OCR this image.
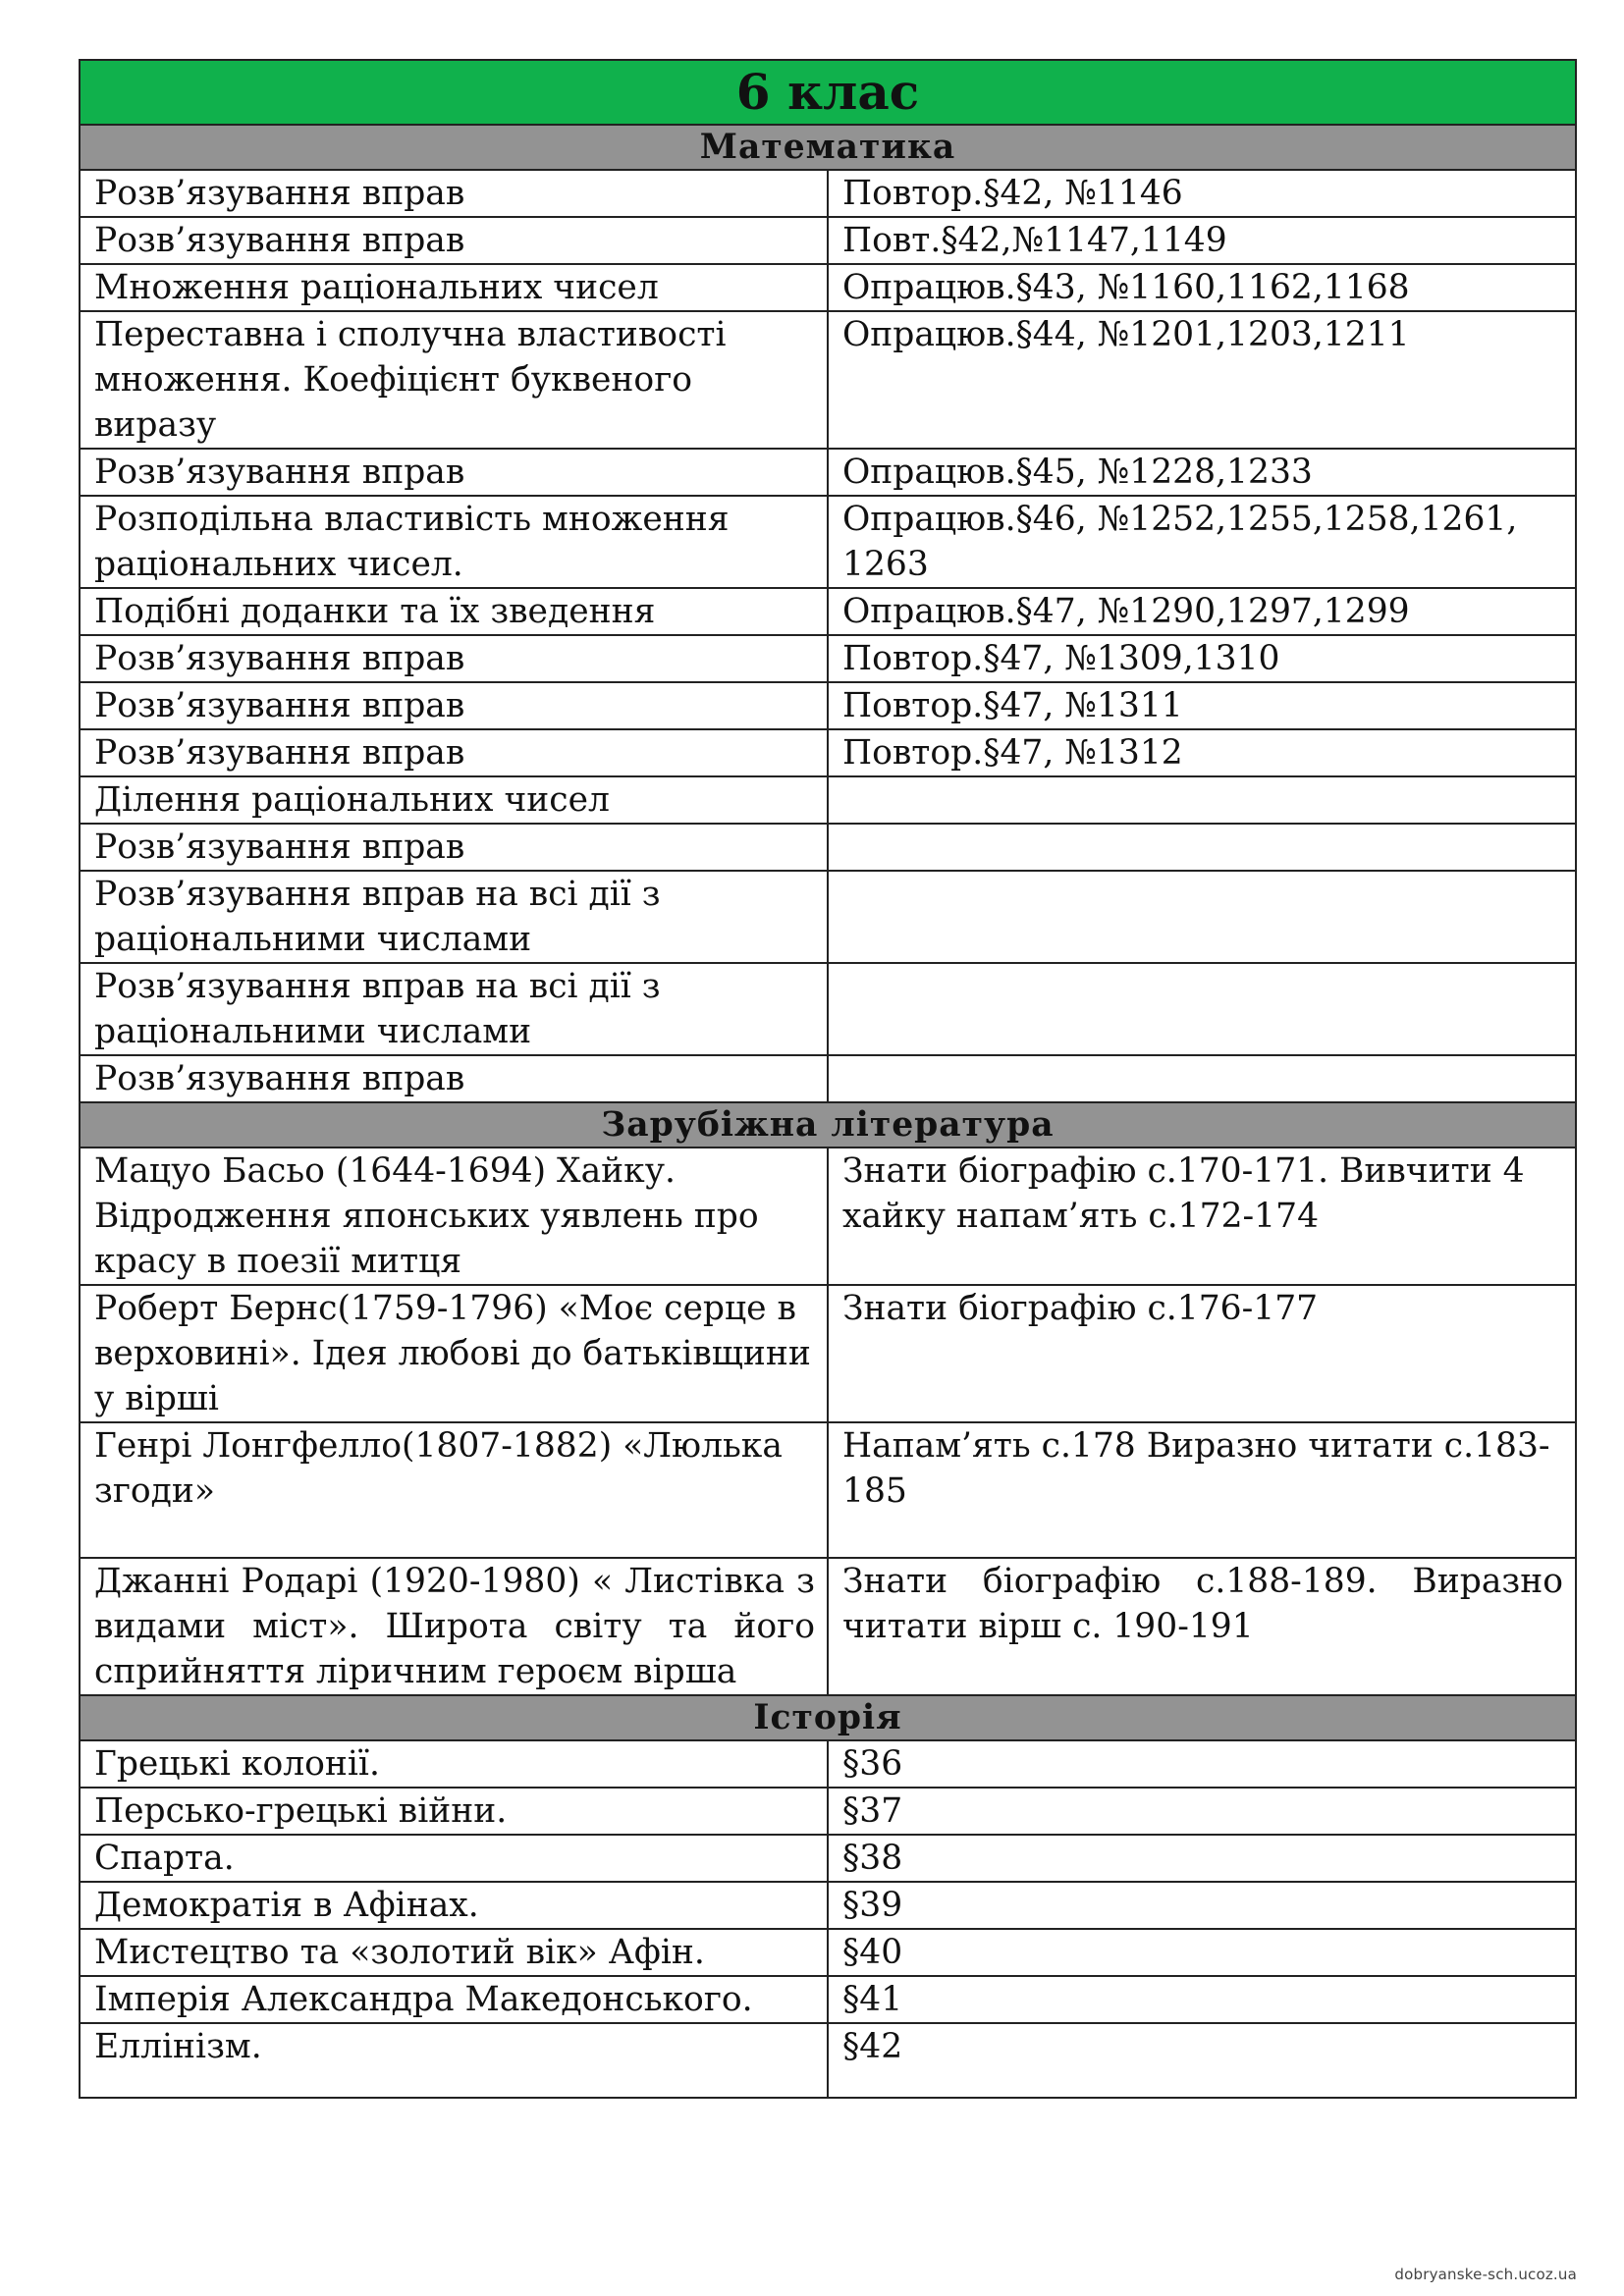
6 клас	
Математика	
Розв’язування вправ	Повтор.§42, №1146
Розв’язування вправ	Повт.§42,№1147,1149
Множення раціональних чисел	Опрацюв.§43, №1160,1162,1168
Переставна і сполучна властивості множення. Коефіцієнт буквеного виразу	Опрацюв.§44, №1201,1203,1211
Розв’язування вправ	Опрацюв.§45, №1228,1233
Розподільна властивість множення раціональних чисел.	Опрацюв.§46, №1252,1255,1258,1261, 1263
Подібні доданки та їх зведення	Опрацюв.§47, №1290,1297,1299
Розв’язування вправ	Повтор.§47, №1309,1310
Розв’язування вправ	Повтор.§47, №1311
Розв’язування вправ	Повтор.§47, №1312
Ділення раціональних чисел	
Розв’язування вправ	
Розв’язування вправ на всі дії з раціональними числами	
Розв’язування вправ на всі дії з раціональними числами	
Розв’язування вправ	
Зарубіжна література	
Мацуо Басьо (1644-1694) Хайку. Відродження японських уявлень про красу в поезії митця	Знати біографію с.170-171. Вивчити 4 хайку напам’ять с.172-174
Роберт Бернс(1759-1796) «Моє серце в верховині». Ідея любові до батьківщини у вірші	Знати біографію с.176-177
Генрі Лонгфелло(1807-1882) «Люлька згоди»	Напам’ять с.178 Виразно читати с.183-185
Джанні Родарі (1920-1980) « Листівка з видами міст». Широта світу та його сприйняття ліричним героєм вірша	Знати біографію с.188-189. Виразно читати вірш с. 190-191
Історія	
Грецькі колонії.	§36
Персько-грецькі війни.	§37
Спарта.	§38
Демократія в Афінах.	§39
Мистецтво та «золотий вік» Афін.	§40
Імперія Александра Македонського.	§41
Еллінізм.	§42
dobryanske-sch.ucoz.ua
